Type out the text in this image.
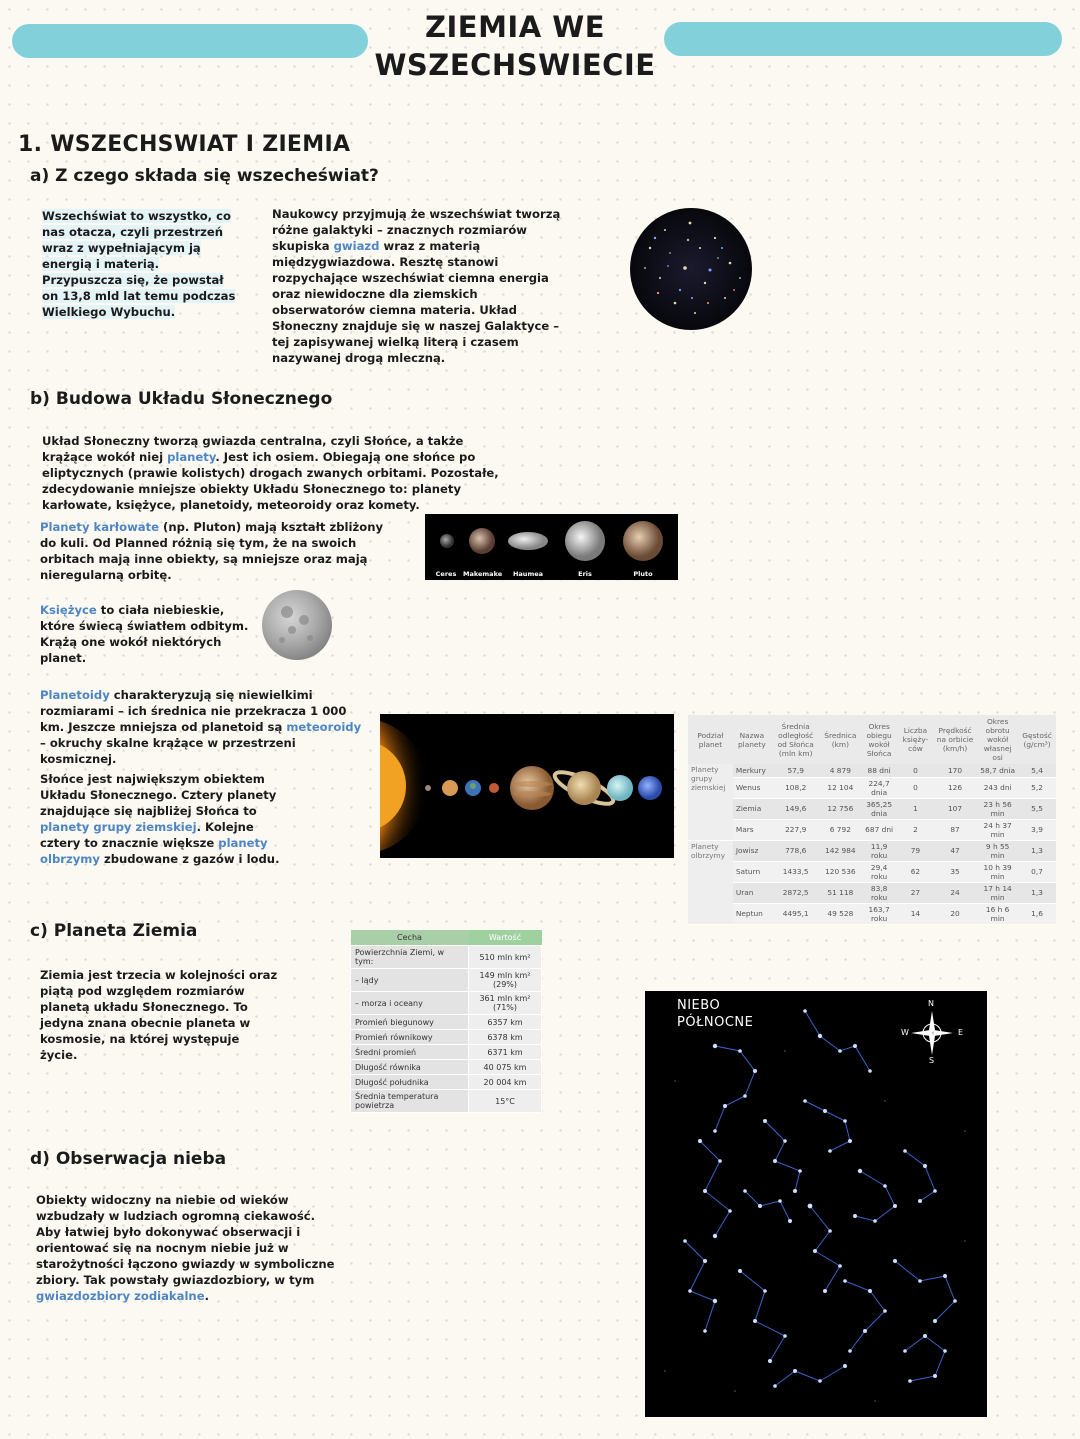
ZIEMIA WE
WSZECHSWIECIE
1. WSZECHSWIAT I ZIEMIA
a) Z czego składa się wszecheświat?
Wszechświat to wszystko, co nas otacza, czyli przestrzeń wraz z wypełniającym ją energią i materią. Przypuszcza się, że powstał on 13,8 mld lat temu podczas Wielkiego Wybuchu.
Naukowcy przyjmują że wszechświat tworzą różne galaktyki – znacznych rozmiarów skupiska gwiazd wraz z materią międzygwiazdowa. Resztę stanowi rozpychające wszechświat ciemna energia oraz niewidoczne dla ziemskich obserwatorów ciemna materia. Układ Słoneczny znajduje się w naszej Galaktyce – tej zapisywanej wielką literą i czasem nazywanej drogą mleczną.
b) Budowa Układu Słonecznego
Układ Słoneczny tworzą gwiazda centralna, czyli Słońce, a także krążące wokół niej planety. Jest ich osiem. Obiegają one słońce po eliptycznych (prawie kolistych) drogach zwanych orbitami. Pozostałe, zdecydowanie mniejsze obiekty Układu Słonecznego to: planety karłowate, księżyce, planetoidy, meteoroidy oraz komety.
Planety karłowate (np. Pluton) mają kształt zbliżony do kuli. Od Planned różnią się tym, że na swoich orbitach mają inne obiekty, są mniejsze oraz mają nieregularną orbitę.	Ceres	Makemake	Haumea	Eris	Pluto
Księżyce to ciała niebieskie, które świecą światłem odbitym. Krążą one wokół niektórych planet.
Planetoidy charakteryzują się niewielkimi rozmiarami – ich średnica nie przekracza 1 000 km. Jeszcze mniejsza od planetoid są meteoroidy – okruchy skalne krążące w przestrzeni kosmicznej.
Słońce jest największym obiektem Układu Słonecznego. Cztery planety znajdujące się najbliżej Słońca to planety grupy ziemskiej. Kolejne cztery to znacznie większe planety olbrzymy zbudowane z gazów i lodu.
Podział planet	Nazwa planety	Średnia odległość od Słońca (mln km)	Średnica (km)	Okres obiegu wokół Słońca	Liczba księży-ców	Prędkość na orbicie (km/h)	Okres obrotu wokół własnej osi	Gęstość (g/cm³)
Planety grupy ziemskiej	Merkury	57,9	4 879	88 dni	0	170	58,7 dnia	5,4
	Wenus	108,2	12 104	224,7 dnia	0	126	243 dni	5,2
	Ziemia	149,6	12 756	365,25 dnia	1	107	23 h 56 min	5,5
	Mars	227,9	6 792	687 dni	2	87	24 h 37 min	3,9
Planety olbrzymy	Jowisz	778,6	142 984	11,9 roku	79	47	9 h 55 min	1,3
	Saturn	1433,5	120 536	29,4 roku	62	35	10 h 39 min	0,7
	Uran	2872,5	51 118	83,8 roku	27	24	17 h 14 min	1,3
	Neptun	4495,1	49 528	163,7 roku	14	20	16 h 6 min	1,6
c) Planeta Ziemia
Ziemia jest trzecia w kolejności oraz piątą pod względem rozmiarów planetą układu Słonecznego. To jedyna znana obecnie planeta w kosmosie, na której występuje życie.
Cecha	Wartość
Powierzchnia Ziemi, w tym:	510 mln km²
– lądy	149 mln km² (29%)
– morza i oceany	361 mln km² (71%)
Promień biegunowy	6357 km
Promień równikowy	6378 km
Średni promień	6371 km
Długość równika	40 075 km
Długość południka	20 004 km
Średnia temperatura powietrza	15°C
d) Obserwacja nieba
Obiekty widoczny na niebie od wieków wzbudzały w ludziach ogromną ciekawość. Aby łatwiej było dokonywać obserwacji i orientować się na nocnym niebie już w starożytności łączono gwiazdy w symboliczne zbiory. Tak powstały gwiazdozbiory, w tym gwiazdozbiory zodiakalne.
NIEBO
PÓŁNOCNE
N
E
S
W
